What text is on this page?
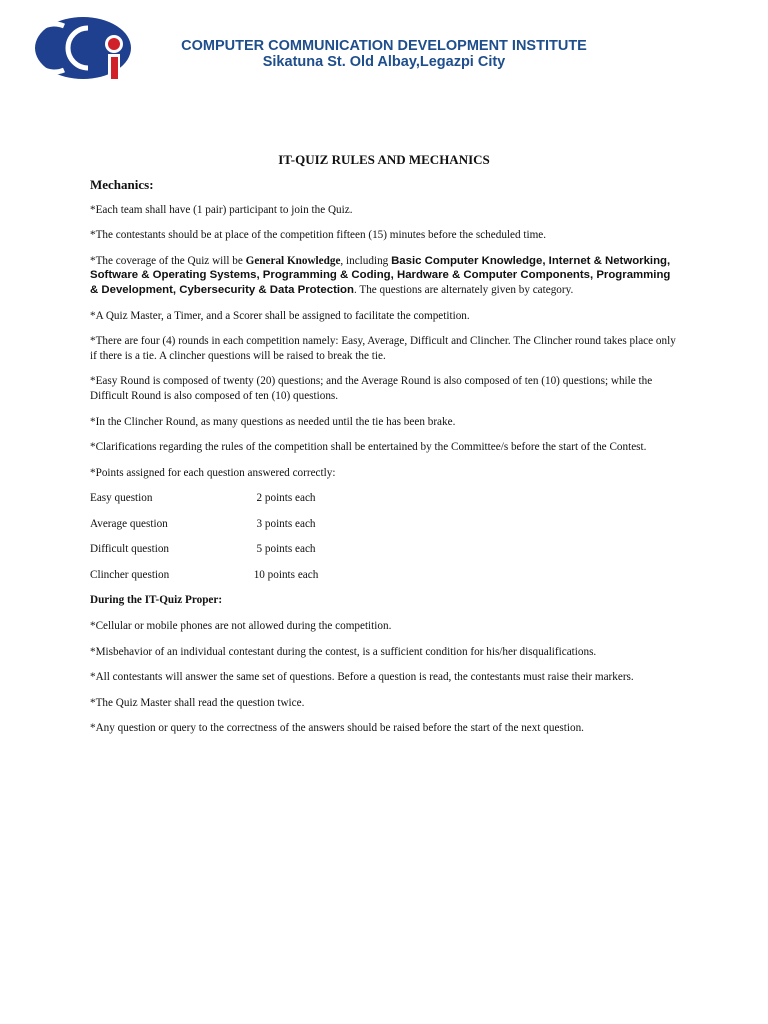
COMPUTER COMMUNICATION DEVELOPMENT INSTITUTE
Sikatuna St. Old Albay,Legazpi City
IT-QUIZ RULES AND MECHANICS
Mechanics:

*Each team shall have (1 pair) participant to join the Quiz.

*The contestants should be at place of the competition fifteen (15) minutes before the scheduled time.

*The coverage of the Quiz will be General Knowledge, including Basic Computer Knowledge, Internet & Networking, Software & Operating Systems, Programming & Coding, Hardware & Computer Components, Programming & Development, Cybersecurity & Data Protection. The questions are alternately given by category.

*A Quiz Master, a Timer, and a Scorer shall be assigned to facilitate the competition.

*There are four (4) rounds in each competition namely: Easy, Average, Difficult and Clincher. The Clincher round takes place only if there is a tie. A clincher questions will be raised to break the tie.

*Easy Round is composed of twenty (20) questions; and the Average Round is also composed of ten (10) questions; while the Difficult Round is also composed of ten (10) questions.

*In the Clincher Round, as many questions as needed until the tie has been brake.

*Clarifications regarding the rules of the competition shall be entertained by the Committee/s before the start of the Contest.

*Points assigned for each question answered correctly:

Easy question	2 points each
Average question	3 points each
Difficult question	5 points each
Clincher question	10 points each

During the IT-Quiz Proper:

*Cellular or mobile phones are not allowed during the competition.

*Misbehavior of an individual contestant during the contest, is a sufficient condition for his/her disqualifications.

*All contestants will answer the same set of questions. Before a question is read, the contestants must raise their markers.

*The Quiz Master shall read the question twice.

*Any question or query to the correctness of the answers should be raised before the start of the next question.
